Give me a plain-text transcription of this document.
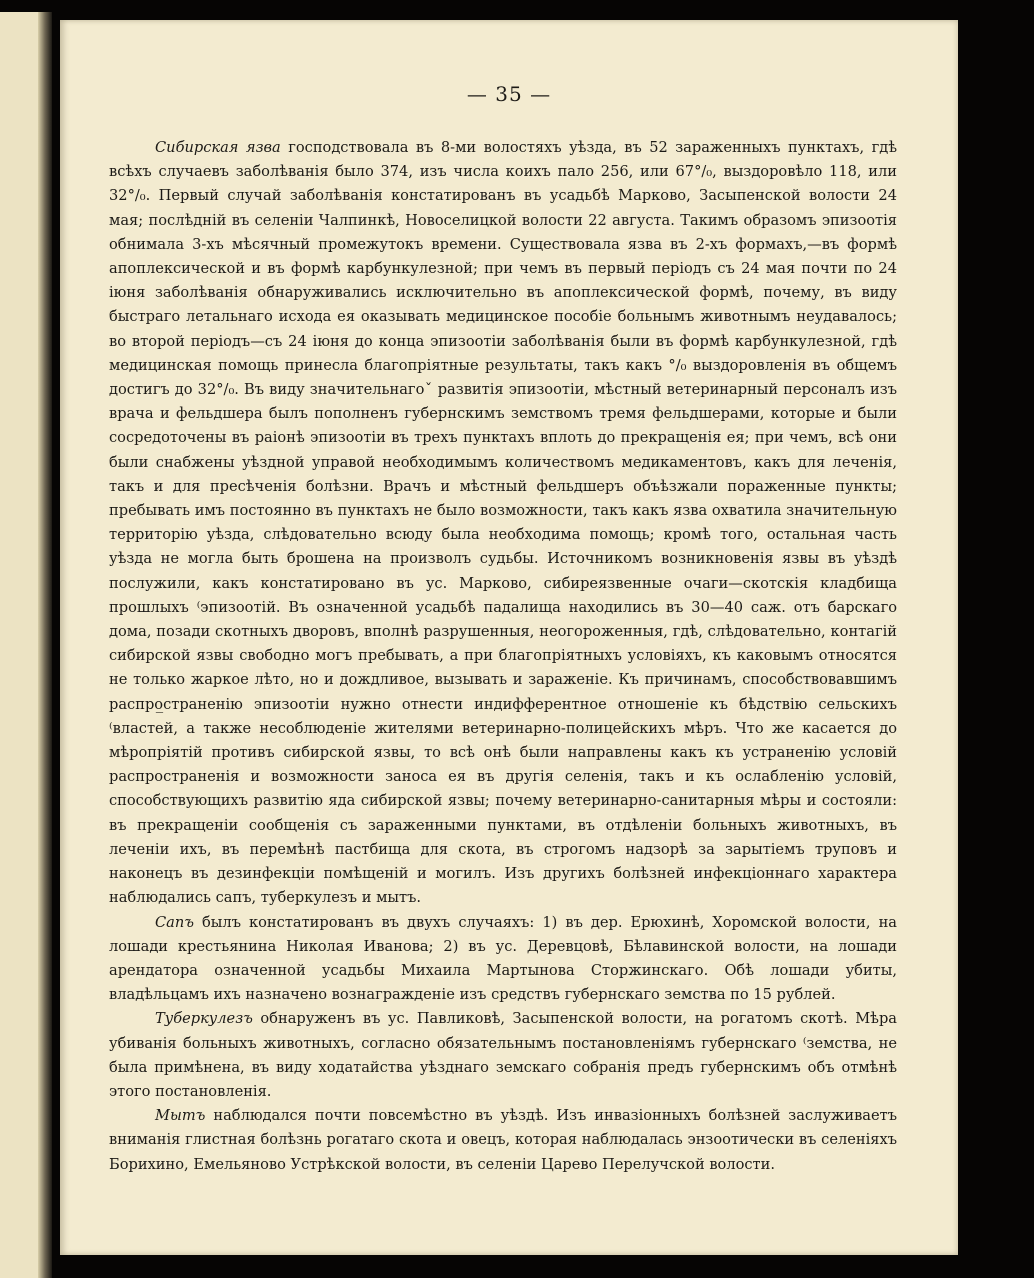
— 35 —

Сибирская язва господствовала въ 8-ми волостяхъ уѣзда, въ 52 зараженныхъ пунктахъ, гдѣ всѣхъ случаевъ заболѣванія было 374, изъ числа коихъ пало 256, или 67°/₀, выздоровѣло 118, или 32°/₀. Первый случай заболѣванія констатированъ въ усадьбѣ Марково, Засыпенской волости 24 мая; послѣдній въ селеніи Чалпинкѣ, Новоселицкой волости 22 августа. Такимъ образомъ эпизоотія обнимала 3-хъ мѣсячный промежутокъ времени. Существовала язва въ 2-хъ формахъ,—въ формѣ апоплексической и въ формѣ карбункулезной; при чемъ въ первый періодъ съ 24 мая почти по 24 іюня заболѣванія обнаруживались исключительно въ апоплексической формѣ, почему, въ виду быстраго летальнаго исхода ея оказывать медицинское пособіе больнымъ животнымъ неудавалось; во второй періодъ—съ 24 іюня до конца эпизоотіи заболѣванія были въ формѣ карбункулезной, гдѣ медицинская помощь принесла благопріятные результаты, такъ какъ °/₀ выздоровленія въ общемъ достигъ до 32°/₀. Въ виду значительнагоˇ развитія эпизоотіи, мѣстный ветеринарный персоналъ изъ врача и фельдшера былъ пополненъ губернскимъ земствомъ тремя фельдшерами, которые и были сосредоточены въ раіонѣ эпизоотіи въ трехъ пунктахъ вплоть до прекращенія ея; при чемъ, всѣ они были снабжены уѣздной управой необходимымъ количествомъ медикаментовъ, какъ для леченія, такъ и для пресѣченія болѣзни. Врачъ и мѣстный фельдшеръ объѣзжали пораженные пункты; пребывать имъ постоянно въ пунктахъ не было возможности, такъ какъ язва охватила значительную территорію уѣзда, слѣдовательно всюду была необходима помощь; кромѣ того, остальная часть уѣзда не могла быть брошена на произволъ судьбы. Источникомъ возникновенія язвы въ уѣздѣ послужили, какъ констатировано въ ус. Марково, сибиреязвенные очаги—скотскія кладбища прошлыхъ ⁽эпизоотій. Въ означенной усадьбѣ падалища находились въ 30—40 саж. отъ барскаго дома, позади скотныхъ дворовъ, вполнѣ разрушенныя, неогороженныя, гдѣ, слѣдовательно, контагій сибирской язвы свободно могъ пребывать, а при благопріятныхъ условіяхъ, къ каковымъ относятся не только жаркое лѣто, но и дождливое, вызывать и зараженіе. Къ причинамъ, способствовавшимъ распро̲страненію эпизоотіи нужно отнести индифферентное отношеніе къ бѣдствію сельскихъ ⁽властей, а также несоблюденіе жителями ветеринарно-полицейскихъ мѣръ. Что же касается до мѣропріятій противъ сибирской язвы, то всѣ онѣ были направлены какъ къ устраненію условій распространенія и возможности заноса ея въ другія селенія, такъ и къ ослабленію условій, способствующихъ развитію яда сибирской язвы; почему ветеринарно-санитарныя мѣры и состояли: въ прекращеніи сообщенія съ зараженными пунктами, въ отдѣленіи больныхъ животныхъ, въ леченіи ихъ, въ перемѣнѣ пастбища для скота, въ строгомъ надзорѣ за зарытіемъ труповъ и наконецъ въ дезинфекціи помѣщеній и могилъ. Изъ другихъ болѣзней инфекціоннаго характера наблюдались сапъ, туберкулезъ и мытъ.

Сапъ былъ констатированъ въ двухъ случаяхъ: 1) въ дер. Ерюхинѣ, Хоромской волости, на лошади крестьянина Николая Иванова; 2) въ ус. Деревцовѣ, Бѣлавинской волости, на лошади арендатора означенной усадьбы Михаила Мартынова Сторжинскаго. Обѣ лошади убиты, владѣльцамъ ихъ назначено вознагражденіе изъ средствъ губернскаго земства по 15 рублей.

Туберкулезъ обнаруженъ въ ус. Павликовѣ, Засыпенской волости, на рогатомъ скотѣ. Мѣра убиванія больныхъ животныхъ, согласно обязательнымъ постановленіямъ губернскаго ⁽земства, не была примѣнена, въ виду ходатайства уѣзднаго земскаго собранія предъ губернскимъ объ отмѣнѣ этого постановленія.

Мытъ наблюдался почти повсемѣстно въ уѣздѣ. Изъ инвазіонныхъ болѣзней заслуживаетъ вниманія глистная болѣзнь рогатаго скота и овецъ, которая наблюдалась энзоотически въ селеніяхъ Борихино, Емельяново Устрѣкской волости, въ селеніи Царево Перелучской волости.
